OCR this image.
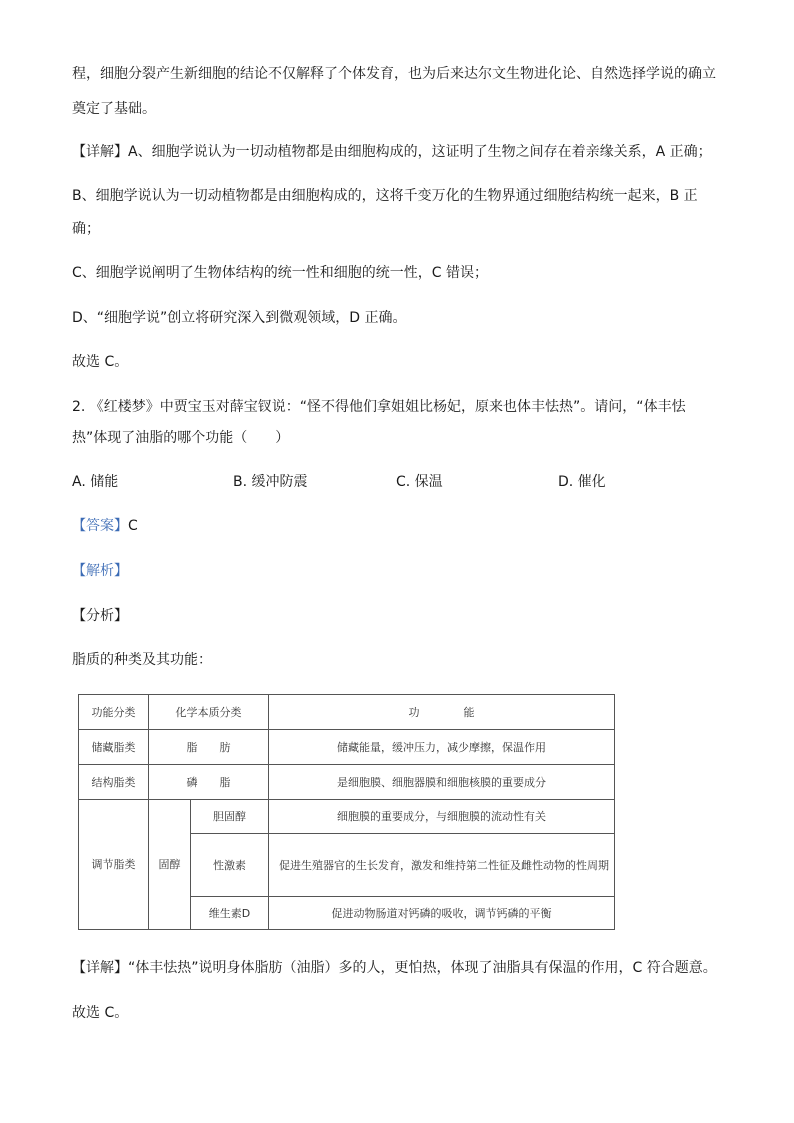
程，细胞分裂产生新细胞的结论不仅解释了个体发育，也为后来达尔文生物进化论、自然选择学说的确立
奠定了基础。
【详解】A、细胞学说认为一切动植物都是由细胞构成的，这证明了生物之间存在着亲缘关系，A 正确；
B、细胞学说认为一切动植物都是由细胞构成的，这将千变万化的生物界通过细胞结构统一起来，B 正
确；
C、细胞学说阐明了生物体结构的统一性和细胞的统一性，C 错误；
D、“细胞学说”创立将研究深入到微观领域，D 正确。
故选 C。
2. 《红楼梦》中贾宝玉对薛宝钗说：“怪不得他们拿姐姐比杨妃，原来也体丰怯热”。请问，“体丰怯
热”体现了油脂的哪个功能（　　）
A. 储能	B. 缓冲防震	C. 保温	D. 催化
【答案】C
【解析】
【分析】
脂质的种类及其功能：
功能分类	化学本质分类		功　　　　能
储藏脂类	脂　　肪		储藏能量，缓冲压力，减少摩擦，保温作用
结构脂类	磷　　脂		是细胞膜、细胞器膜和细胞核膜的重要成分
调节脂类	固醇	胆固醇	细胞膜的重要成分，与细胞膜的流动性有关
		性激素	促进生殖器官的生长发育，激发和维持第二性征及雌性动物的性周期
		维生素D	促进动物肠道对钙磷的吸收，调节钙磷的平衡
【详解】“体丰怯热”说明身体脂肪（油脂）多的人，更怕热，体现了油脂具有保温的作用，C 符合题意。
故选 C。
